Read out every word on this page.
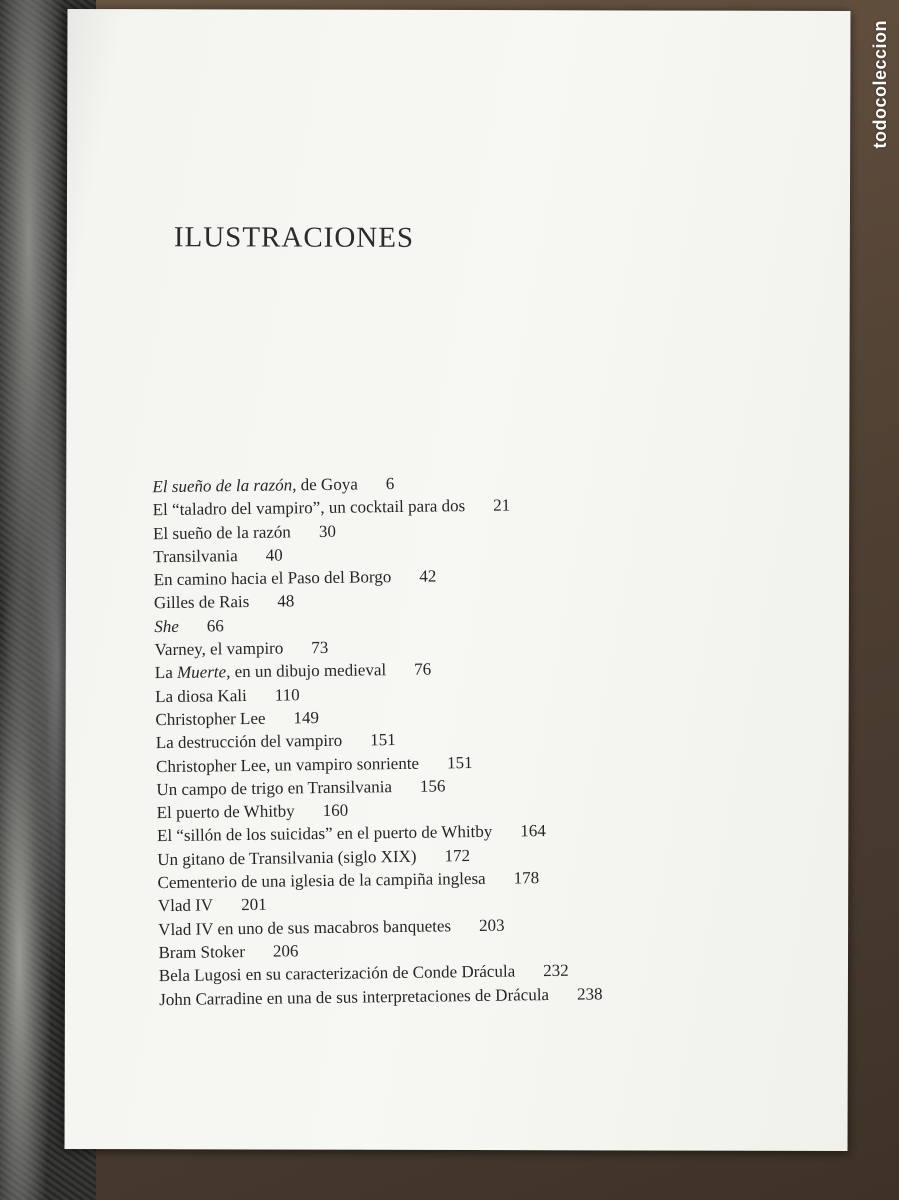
ILUSTRACIONES
El sueño de la razón, de Goya 6
El “taladro del vampiro”, un cocktail para dos 21
El sueño de la razón 30
Transilvania 40
En camino hacia el Paso del Borgo 42
Gilles de Rais 48
She 66
Varney, el vampiro 73
La Muerte, en un dibujo medieval 76
La diosa Kali 110
Christopher Lee 149
La destrucción del vampiro 151
Christopher Lee, un vampiro sonriente 151
Un campo de trigo en Transilvania 156
El puerto de Whitby 160
El “sillón de los suicidas” en el puerto de Whitby 164
Un gitano de Transilvania (siglo XIX) 172
Cementerio de una iglesia de la campiña inglesa 178
Vlad IV 201
Vlad IV en uno de sus macabros banquetes 203
Bram Stoker 206
Bela Lugosi en su caracterización de Conde Drácula 232
John Carradine en una de sus interpretaciones de Drácula 238
todocoleccion
